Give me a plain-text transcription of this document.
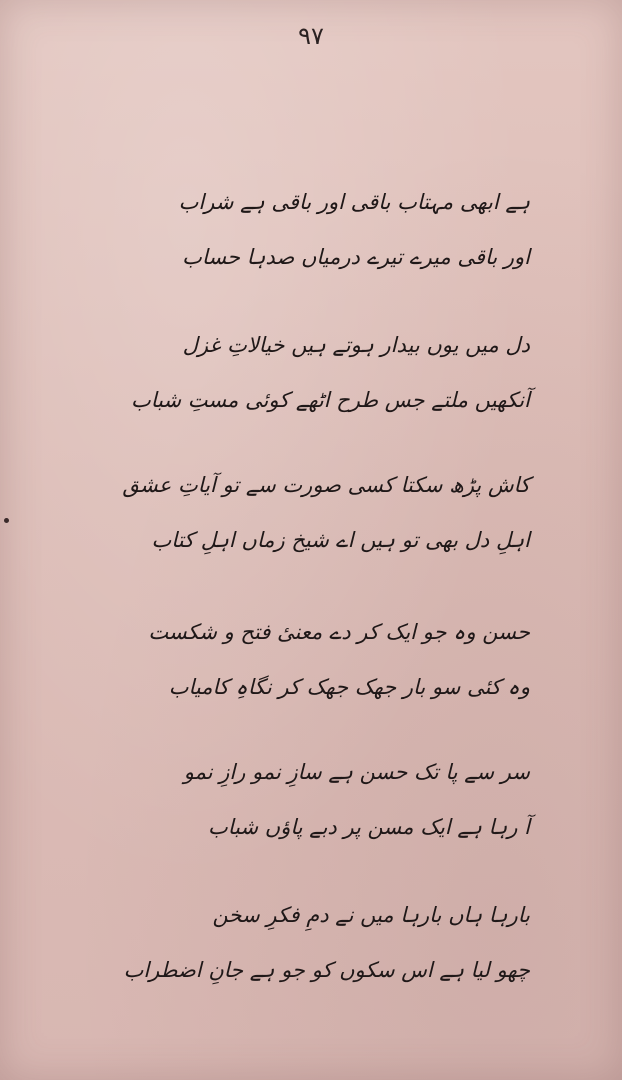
۹۷
ہے ابھی مہتاب باقی اور باقی ہے شراب
اور باقی میرے تیرے درمیاں صدہا حساب
دل میں یوں بیدار ہوتے ہیں خیالاتِ غزل
آنکھیں ملتے جس طرح اٹھے کوئی مستِ شباب
کاش پڑھ سکتا کسی صورت سے تو آیاتِ عشق
اہلِ دل بھی تو ہیں اے شیخ زماں اہلِ کتاب
حسن وہ جو ایک کر دے معنیٔ فتح و شکست
وہ کئی سو بار جھک جھک کر نگاہِ کامیاب
سر سے پا تک حسن ہے سازِ نمو رازِ نمو
آ رہا ہے ایک مسن پر دبے پاؤں شباب
بارہا ہاں بارہا میں نے دمِ فکرِ سخن
چھو لیا ہے اس سکوں کو جو ہے جانِ اضطراب
